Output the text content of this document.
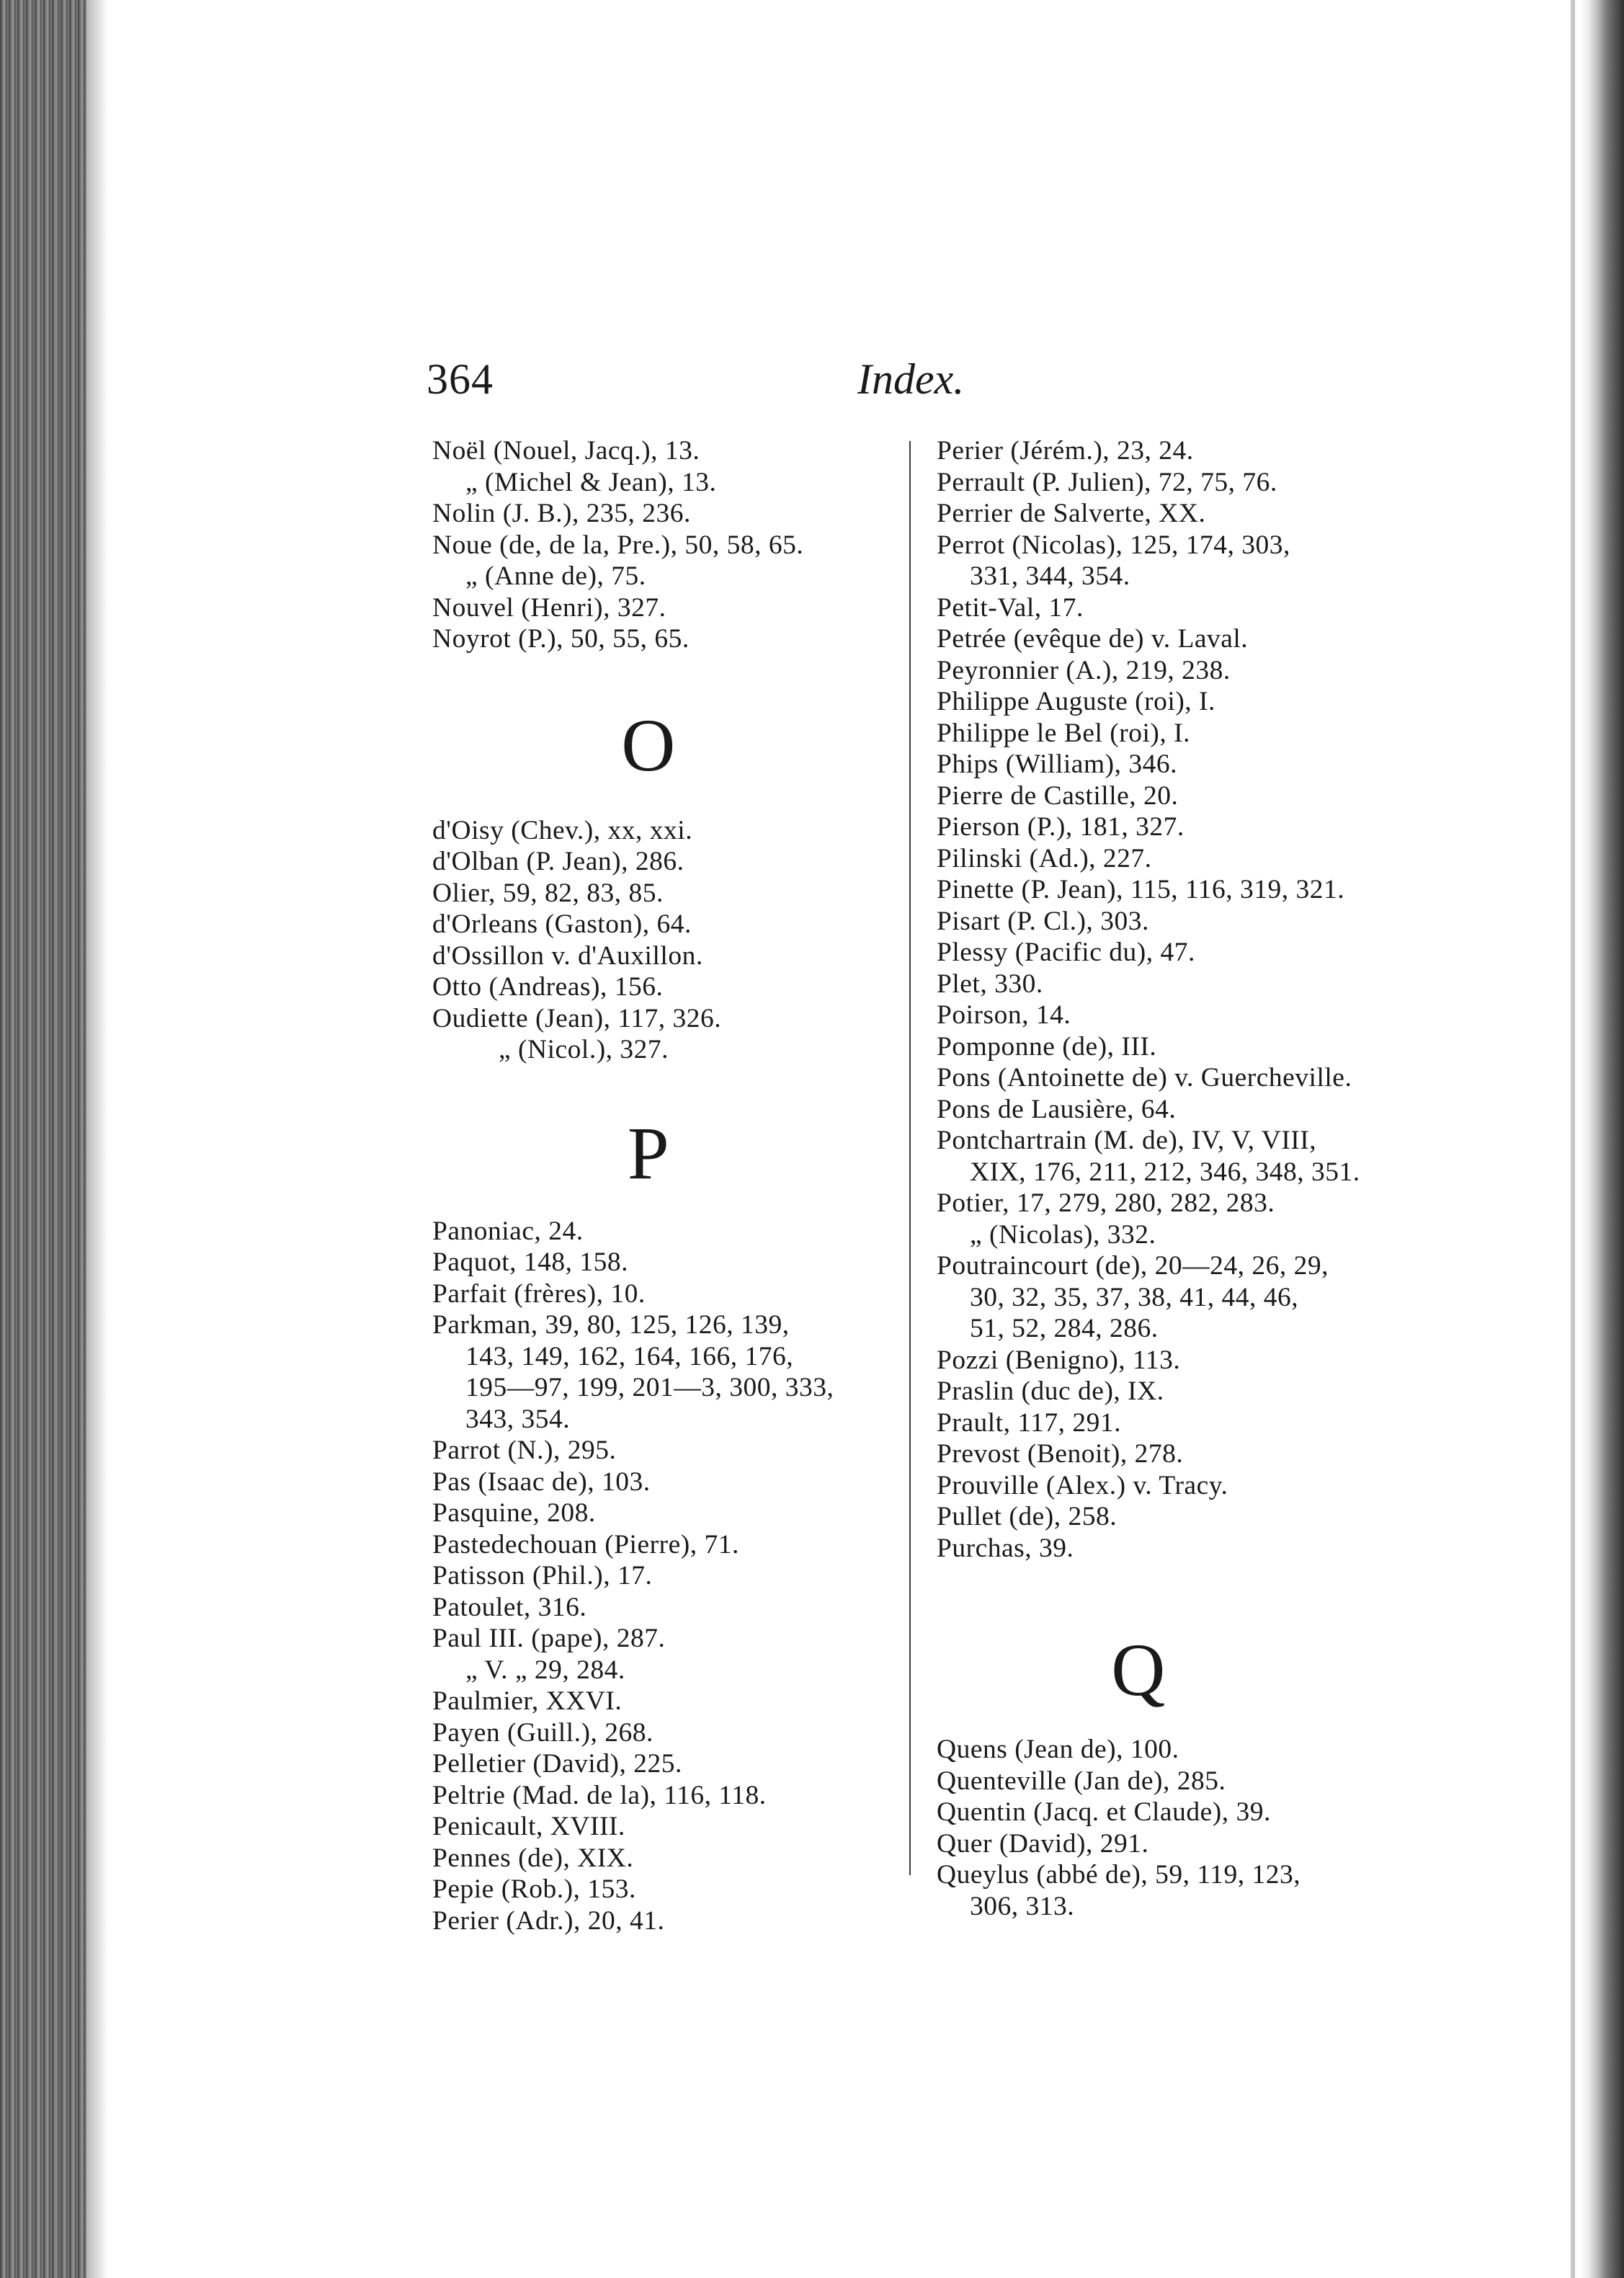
364	Index.
Noël (Nouel, Jacq.), 13.
„ (Michel & Jean), 13.
Nolin (J. B.), 235, 236.
Noue (de, de la, Pre.), 50, 58, 65.
„ (Anne de), 75.
Nouvel (Henri), 327.
Noyrot (P.), 50, 55, 65.
O
d'Oisy (Chev.), xx, xxi.
d'Olban (P. Jean), 286.
Olier, 59, 82, 83, 85.
d'Orleans (Gaston), 64.
d'Ossillon v. d'Auxillon.
Otto (Andreas), 156.
Oudiette (Jean), 117, 326.
„ (Nicol.), 327.
P
Panoniac, 24.
Paquot, 148, 158.
Parfait (frères), 10.
Parkman, 39, 80, 125, 126, 139,
143, 149, 162, 164, 166, 176,
195—97, 199, 201—3, 300, 333,
343, 354.
Parrot (N.), 295.
Pas (Isaac de), 103.
Pasquine, 208.
Pastedechouan (Pierre), 71.
Patisson (Phil.), 17.
Patoulet, 316.
Paul III. (pape), 287.
„ V. „ 29, 284.
Paulmier, XXVI.
Payen (Guill.), 268.
Pelletier (David), 225.
Peltrie (Mad. de la), 116, 118.
Penicault, XVIII.
Pennes (de), XIX.
Pepie (Rob.), 153.
Perier (Adr.), 20, 41.
Perier (Jérém.), 23, 24.
Perrault (P. Julien), 72, 75, 76.
Perrier de Salverte, XX.
Perrot (Nicolas), 125, 174, 303,
331, 344, 354.
Petit-Val, 17.
Petrée (evêque de) v. Laval.
Peyronnier (A.), 219, 238.
Philippe Auguste (roi), I.
Philippe le Bel (roi), I.
Phips (William), 346.
Pierre de Castille, 20.
Pierson (P.), 181, 327.
Pilinski (Ad.), 227.
Pinette (P. Jean), 115, 116, 319, 321.
Pisart (P. Cl.), 303.
Plessy (Pacific du), 47.
Plet, 330.
Poirson, 14.
Pomponne (de), III.
Pons (Antoinette de) v. Guercheville.
Pons de Lausière, 64.
Pontchartrain (M. de), IV, V, VIII,
XIX, 176, 211, 212, 346, 348, 351.
Potier, 17, 279, 280, 282, 283.
„ (Nicolas), 332.
Poutraincourt (de), 20—24, 26, 29,
30, 32, 35, 37, 38, 41, 44, 46,
51, 52, 284, 286.
Pozzi (Benigno), 113.
Praslin (duc de), IX.
Prault, 117, 291.
Prevost (Benoit), 278.
Prouville (Alex.) v. Tracy.
Pullet (de), 258.
Purchas, 39.
Q
Quens (Jean de), 100.
Quenteville (Jan de), 285.
Quentin (Jacq. et Claude), 39.
Quer (David), 291.
Queylus (abbé de), 59, 119, 123,
306, 313.
